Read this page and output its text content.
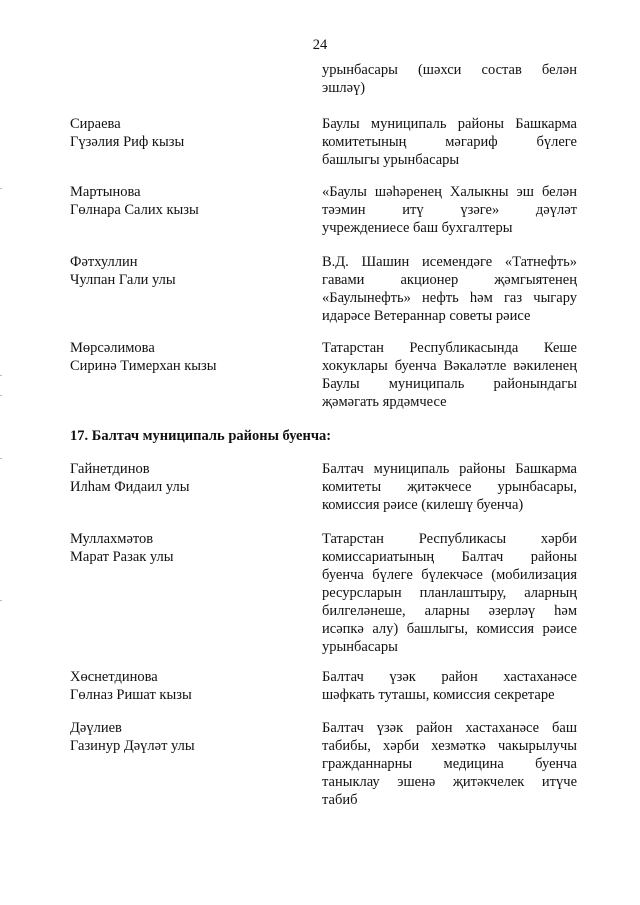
24
урынбасары (шәхси состав белән
эшләү)
Сираева
Гүзәлия Риф кызы
Баулы муниципаль районы Башкарма
комитетының мәгариф бүлеге
башлыгы урынбасары
Мартынова
Гөлнара Салих кызы
«Баулы шәһәренең Халыкны эш белән
тәэмин итү үзәге» дәүләт
учреждениесе баш бухгалтеры
Фәтхуллин
Чулпан Гали улы
В.Д. Шашин исемендәге «Татнефть»
гавами акционер җәмгыятенең
«Баулынефть» нефть һәм газ чыгару
идарәсе Ветераннар советы рәисе
Мөрсәлимова
Сиринә Тимерхан кызы
Татарстан Республикасында Кеше
хокуклары буенча Вәкаләтле вәкиленең
Баулы муниципаль районындагы
җәмәгать ярдәмчесе
17. Балтач муниципаль районы буенча:
Гайнетдинов
Илһам Фидаил улы
Балтач муниципаль районы Башкарма
комитеты җитәкчесе урынбасары,
комиссия рәисе (килешү буенча)
Муллахмәтов
Марат Разак улы
Татарстан Республикасы хәрби
комиссариатының Балтач районы
буенча бүлеге бүлекчәсе (мобилизация
ресурсларын планлаштыру, аларның
билгеләнеше, аларны әзерләү һәм
исәпкә алу) башлыгы, комиссия рәисе
урынбасары
Хөснетдинова
Гөлназ Ришат кызы
Балтач үзәк район хастаханәсе
шәфкать туташы, комиссия секретаре
Дәүлиев
Газинур Дәүләт улы
Балтач үзәк район хастаханәсе баш
табибы, хәрби хезмәткә чакырылучы
гражданнарны медицина буенча
таныклау эшенә җитәкчелек итүче
табиб
